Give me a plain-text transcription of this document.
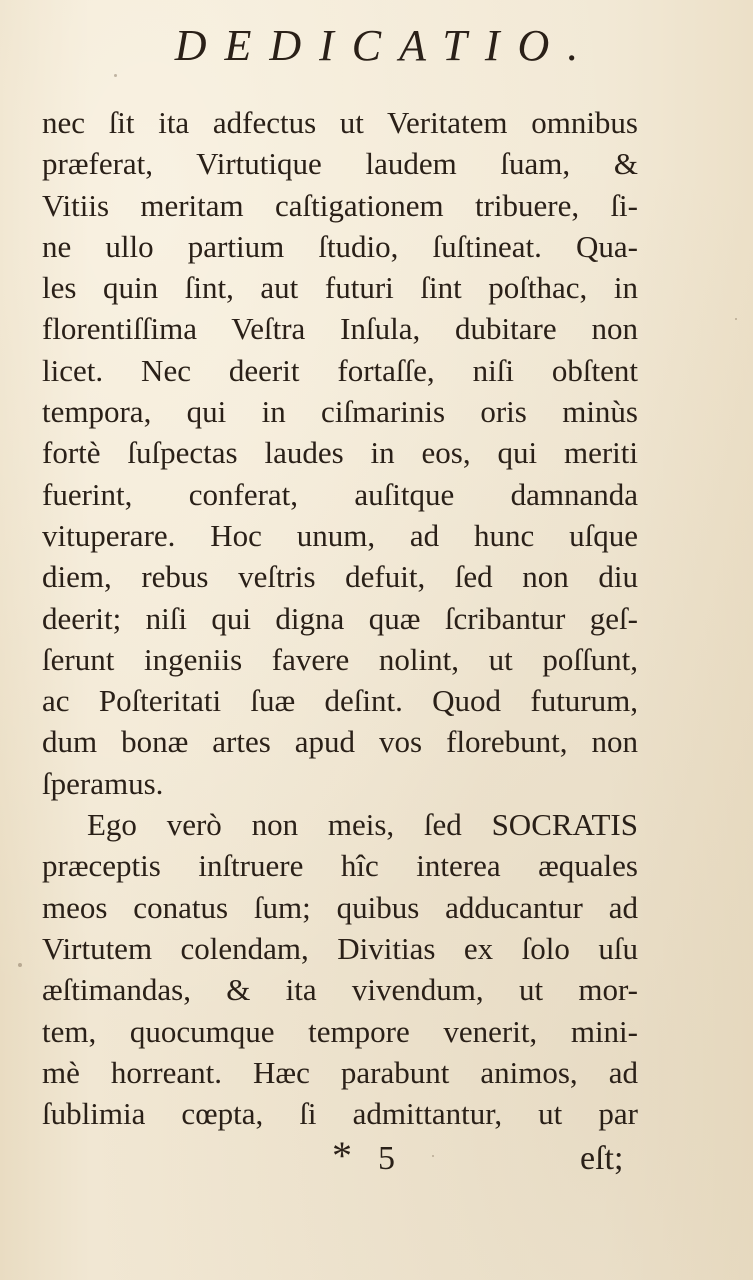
DEDICATIO.
nec ſit ita adfectus ut Veritatem omnibus
præferat, Virtutique laudem ſuam, &
Vitiis meritam caſtigationem tribuere, ſi-
ne ullo partium ſtudio, ſuſtineat. Qua-
les quin ſint, aut futuri ſint poſthac, in
florentiſſima Veſtra Inſula, dubitare non
licet. Nec deerit fortaſſe, niſi obſtent
tempora, qui in ciſmarinis oris minùs
fortè ſuſpectas laudes in eos, qui meriti
fuerint, conferat, auſitque damnanda
vituperare. Hoc unum, ad hunc uſque
diem, rebus veſtris defuit, ſed non diu
deerit; niſi qui digna quæ ſcribantur geſ-
ſerunt ingeniis favere nolint, ut poſſunt,
ac Poſteritati ſuæ deſint. Quod futurum,
dum bonæ artes apud vos florebunt, non
ſperamus.
Ego verò non meis, ſed SOCRATIS
præceptis inſtruere hîc interea æquales
meos conatus ſum; quibus adducantur ad
Virtutem colendam, Divitias ex ſolo uſu
æſtimandas, & ita vivendum, ut mor-
tem, quocumque tempore venerit, mini-
mè horreant. Hæc parabunt animos, ad
ſublimia cœpta, ſi admittantur, ut par
* 5	eſt;
